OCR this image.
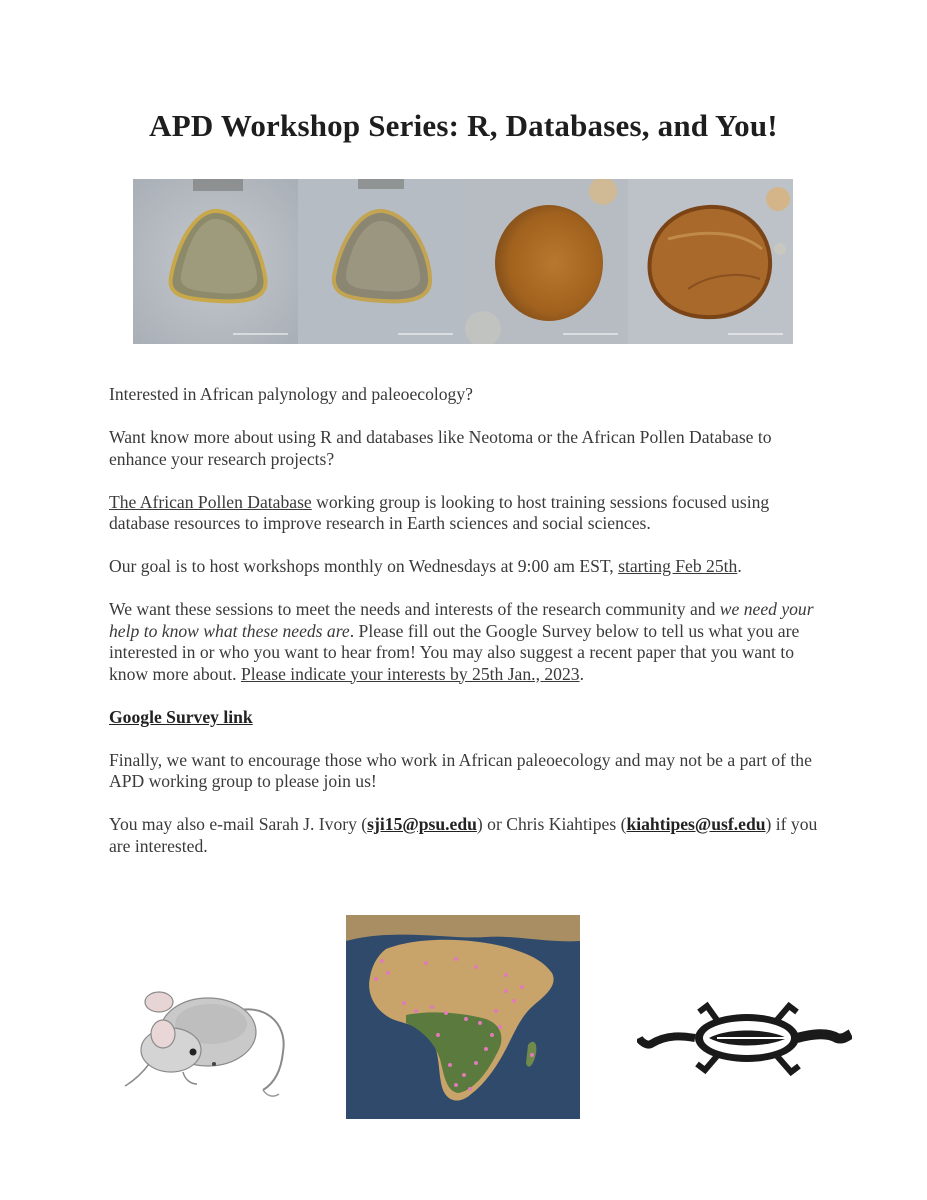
APD Workshop Series: R, Databases, and You!

Interested in African palynology and paleoecology?

Want know more about using R and databases like Neotoma or the African Pollen Database to enhance your research projects?

The African Pollen Database working group is looking to host training sessions focused using database resources to improve research in Earth sciences and social sciences.

Our goal is to host workshops monthly on Wednesdays at 9:00 am EST, starting Feb 25th.

We want these sessions to meet the needs and interests of the research community and we need your help to know what these needs are. Please fill out the Google Survey below to tell us what you are interested in or who you want to hear from! You may also suggest a recent paper that you want to know more about. Please indicate your interests by 25th Jan., 2023.

Google Survey link

Finally, we want to encourage those who work in African paleoecology and may not be a part of the APD working group to please join us!

You may also e-mail Sarah J. Ivory (sji15@psu.edu) or Chris Kiahtipes (kiahtipes@usf.edu) if you are interested.
